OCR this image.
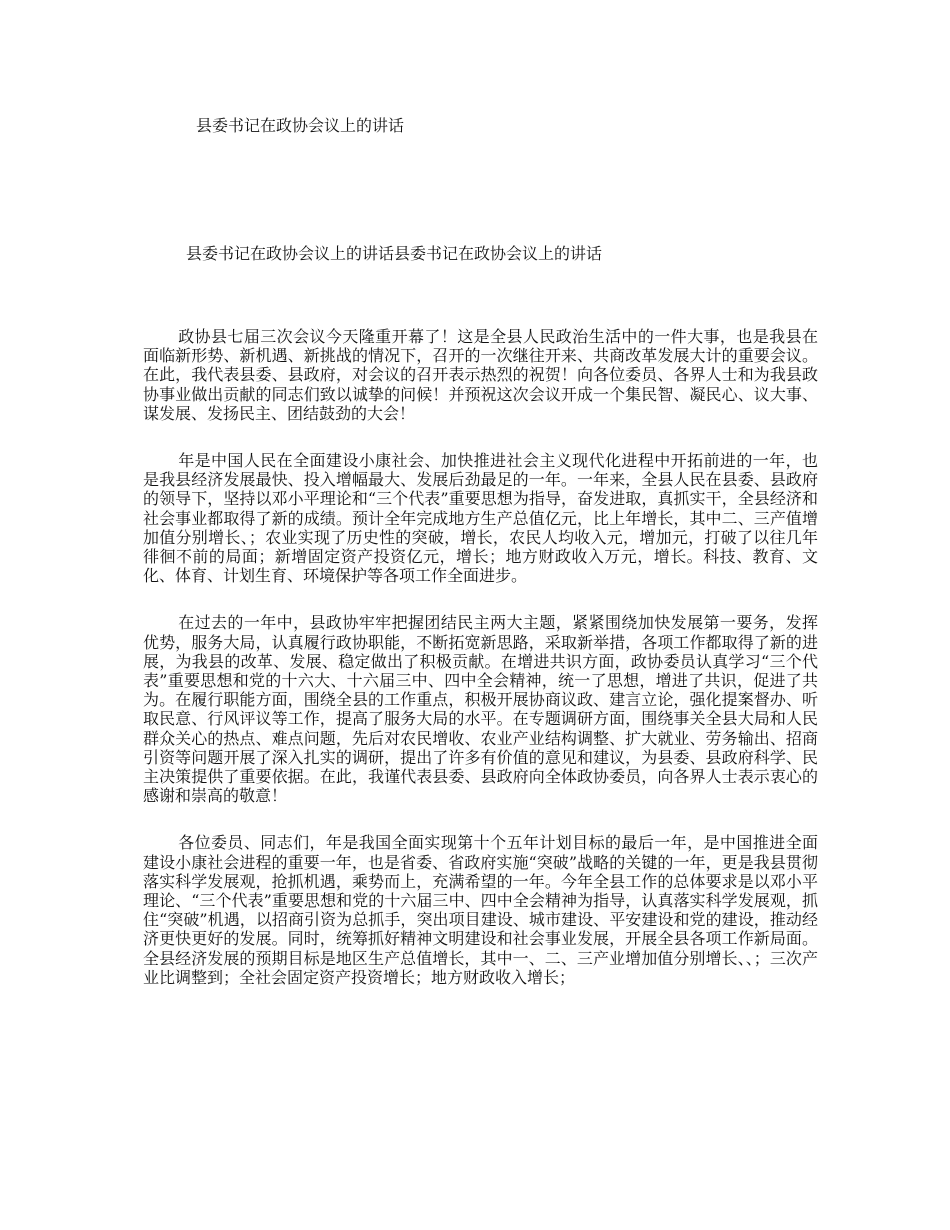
县委书记在政协会议上的讲话
县委书记在政协会议上的讲话县委书记在政协会议上的讲话

政协县七届三次会议今天隆重开幕了！这是全县人民政治生活中的一件大事，也是我县在面临新形势、新机遇、新挑战的情况下，召开的一次继往开来、共商改革发展大计的重要会议。在此，我代表县委、县政府，对会议的召开表示热烈的祝贺！向各位委员、各界人士和为我县政协事业做出贡献的同志们致以诚挚的问候！并预祝这次会议开成一个集民智、凝民心、议大事、谋发展、发扬民主、团结鼓劲的大会！

年是中国人民在全面建设小康社会、加快推进社会主义现代化进程中开拓前进的一年，也是我县经济发展最快、投入增幅最大、发展后劲最足的一年。一年来，全县人民在县委、县政府的领导下，坚持以邓小平理论和“三个代表”重要思想为指导，奋发进取，真抓实干，全县经济和社会事业都取得了新的成绩。预计全年完成地方生产总值亿元，比上年增长，其中二、三产值增加值分别增长、；农业实现了历史性的突破，增长，农民人均收入元，增加元，打破了以往几年徘徊不前的局面；新增固定资产投资亿元，增长；地方财政收入万元，增长。科技、教育、文化、体育、计划生育、环境保护等各项工作全面进步。

在过去的一年中，县政协牢牢把握团结民主两大主题，紧紧围绕加快发展第一要务，发挥优势，服务大局，认真履行政协职能，不断拓宽新思路，采取新举措，各项工作都取得了新的进展，为我县的改革、发展、稳定做出了积极贡献。在增进共识方面，政协委员认真学习“三个代表”重要思想和党的十六大、十六届三中、四中全会精神，统一了思想，增进了共识，促进了共为。在履行职能方面，围绕全县的工作重点，积极开展协商议政、建言立论，强化提案督办、听取民意、行风评议等工作，提高了服务大局的水平。在专题调研方面，围绕事关全县大局和人民群众关心的热点、难点问题，先后对农民增收、农业产业结构调整、扩大就业、劳务输出、招商引资等问题开展了深入扎实的调研，提出了许多有价值的意见和建议，为县委、县政府科学、民主决策提供了重要依据。在此，我谨代表县委、县政府向全体政协委员，向各界人士表示衷心的感谢和崇高的敬意！

各位委员、同志们，年是我国全面实现第十个五年计划目标的最后一年，是中国推进全面建设小康社会进程的重要一年，也是省委、省政府实施“突破”战略的关键的一年，更是我县贯彻落实科学发展观，抢抓机遇，乘势而上，充满希望的一年。今年全县工作的总体要求是以邓小平理论、“三个代表”重要思想和党的十六届三中、四中全会精神为指导，认真落实科学发展观，抓住“突破”机遇，以招商引资为总抓手，突出项目建设、城市建设、平安建设和党的建设，推动经济更快更好的发展。同时，统筹抓好精神文明建设和社会事业发展，开展全县各项工作新局面。全县经济发展的预期目标是地区生产总值增长，其中一、二、三产业增加值分别增长、、；三次产业比调整到；全社会固定资产投资增长；地方财政收入增长；
